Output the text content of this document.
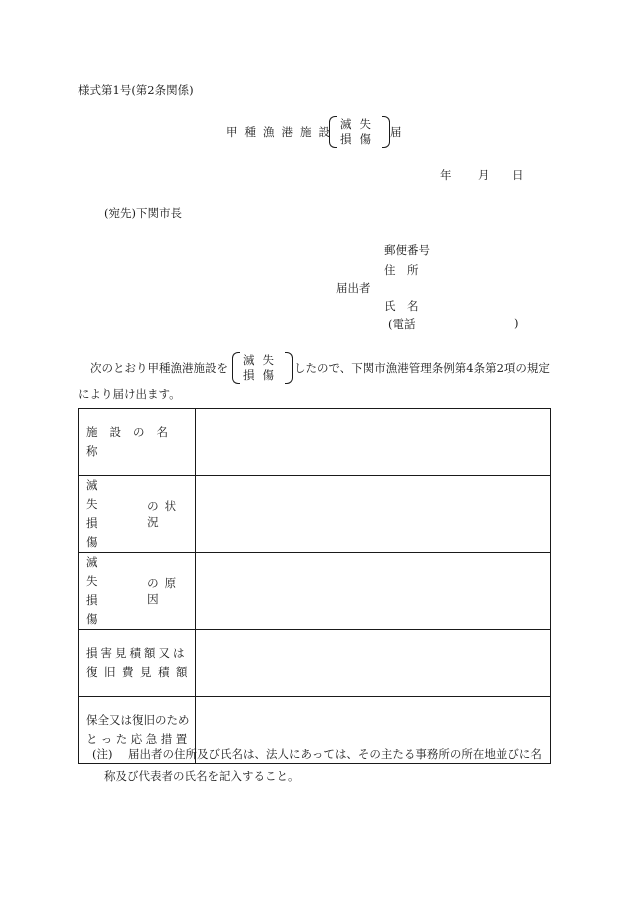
様式第1号(第2条関係)
甲種漁港施設
滅失
損傷 届
年 月 日
(宛先)下関市長
郵便番号
住　所
届出者
氏　名
(電話	)
次のとおり甲種漁港施設を
滅失
損傷 したので、下関市漁港管理条例第4条第2項の規定
により届け出ます。
施設の名称	

滅失
損傷
の状況	

滅失
損傷
の原因	

損害見積額又は
復旧費見積額	

保全又は復旧のため
とった応急措置	

(注) 届出者の住所及び氏名は、法人にあっては、その主たる事務所の所在地並びに名
称及び代表者の氏名を記入すること。
